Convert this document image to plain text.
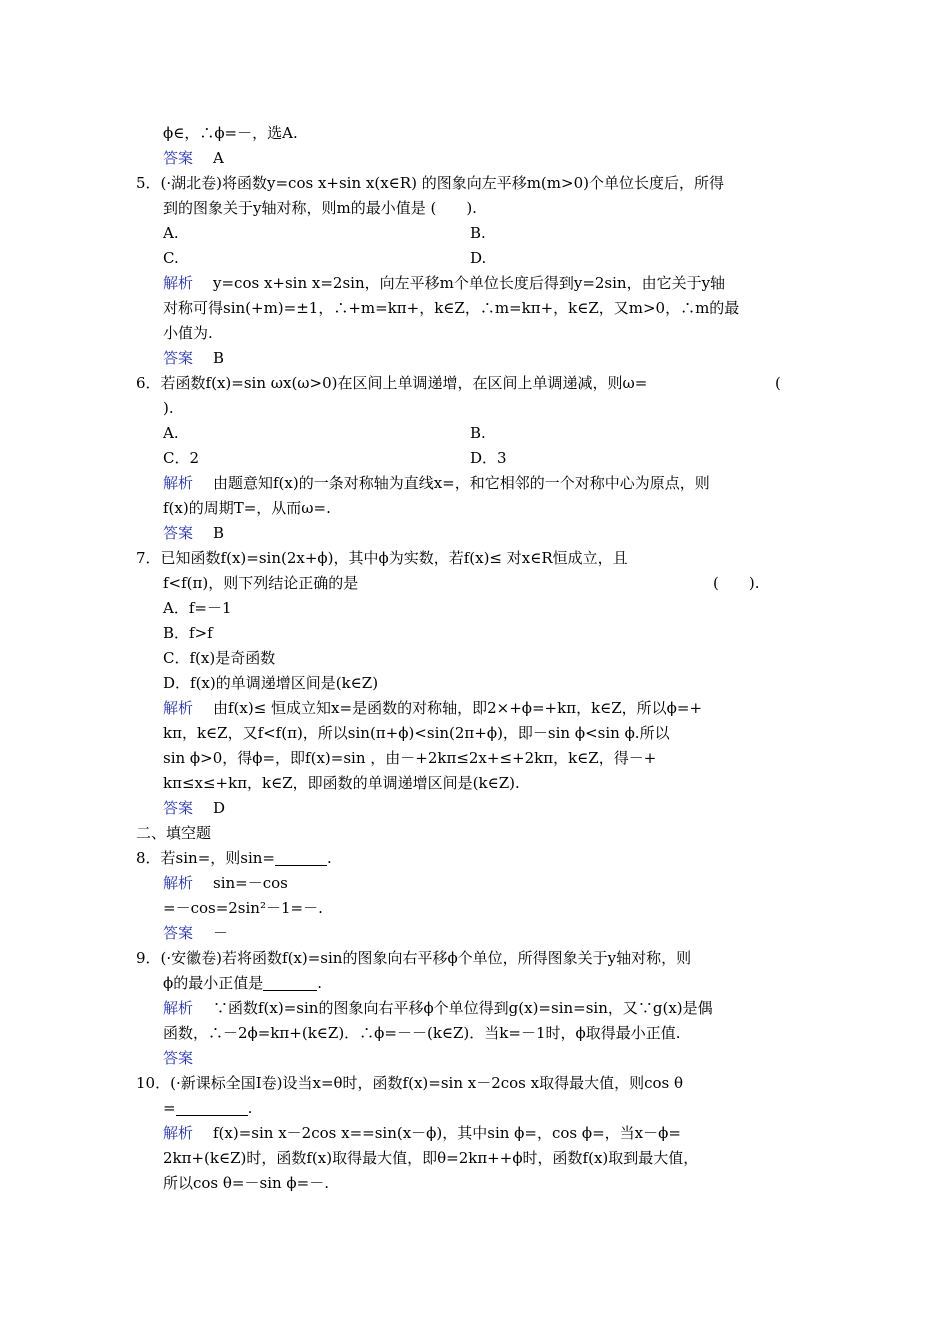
ϕ∈，∴ϕ=－，选A.
答案 A
5．(·湖北卷)将函数y=cos x+sin x(x∈R) 的图象向左平移m(m>0)个单位长度后，所得
到的图象关于y轴对称，则m的最小值是 (　　).
A.	B.
C.	D.
解析 y=cos x+sin x=2sin，向左平移m个单位长度后得到y=2sin，由它关于y轴
对称可得sin(+m)=±1，∴+m=kπ+，k∈Z，∴m=kπ+，k∈Z，又m>0，∴m的最
小值为.
答案 B
6．若函数f(x)=sin ωx(ω>0)在区间上单调递增，在区间上单调递减，则ω=	(
).
A.	B.
C．2	D．3
解析 由题意知f(x)的一条对称轴为直线x=，和它相邻的一个对称中心为原点，则
f(x)的周期T=，从而ω=.
答案 B
7．已知函数f(x)=sin(2x+ϕ)，其中ϕ为实数，若f(x)≤ 对x∈R恒成立，且
f<f(π)，则下列结论正确的是	(　　).
A．f=－1
B．f>f
C．f(x)是奇函数
D．f(x)的单调递增区间是(k∈Z)
解析 由f(x)≤ 恒成立知x=是函数的对称轴，即2×+ϕ=+kπ，k∈Z，所以ϕ=+
kπ，k∈Z，又f<f(π)，所以sin(π+ϕ)<sin(2π+ϕ)，即－sin ϕ<sin ϕ.所以
sin ϕ>0，得ϕ=，即f(x)=sin ，由－+2kπ≤2x+≤+2kπ，k∈Z，得－+
kπ≤x≤+kπ，k∈Z，即函数的单调递增区间是(k∈Z).
答案 D
二、填空题
8．若sin=，则sin=	.
解析 sin=－cos
=－cos=2sin²－1=－.
答案 －
9．(·安徽卷)若将函数f(x)=sin的图象向右平移ϕ个单位，所得图象关于y轴对称，则
ϕ的最小正值是	.
解析 ∵函数f(x)=sin的图象向右平移ϕ个单位得到g(x)=sin=sin，又∵g(x)是偶
函数，∴－2ϕ=kπ+(k∈Z)．∴ϕ=－－(k∈Z)．当k=－1时，ϕ取得最小正值.
答案
10．(·新课标全国Ⅰ卷)设当x=θ时，函数f(x)=sin x－2cos x取得最大值，则cos θ
=	.
解析 f(x)=sin x－2cos x==sin(x－ϕ)，其中sin ϕ=，cos ϕ=，当x－ϕ=
2kπ+(k∈Z)时，函数f(x)取得最大值，即θ=2kπ++ϕ时，函数f(x)取到最大值，
所以cos θ=－sin ϕ=－.
